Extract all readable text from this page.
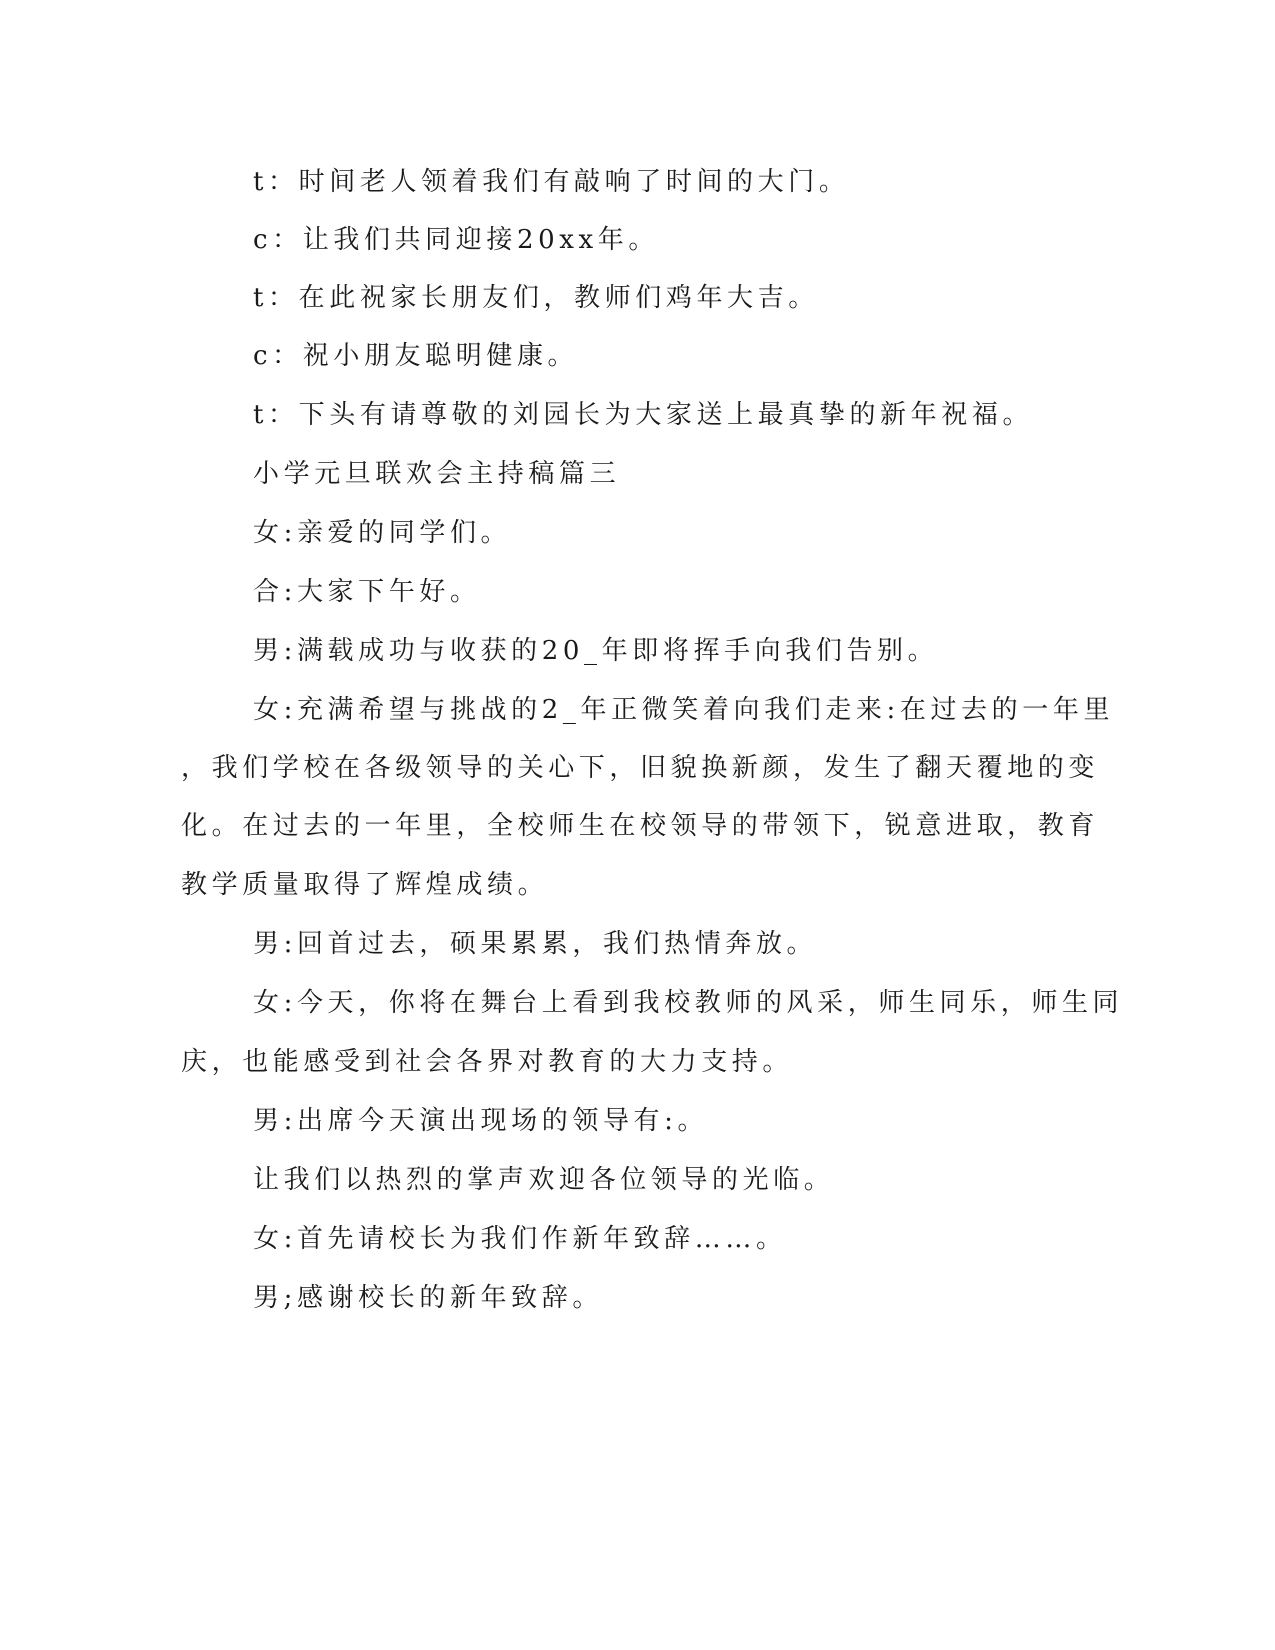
t：时间老人领着我们有敲响了时间的大门。
c：让我们共同迎接20xx年。
t：在此祝家长朋友们，教师们鸡年大吉。
c：祝小朋友聪明健康。
t：下头有请尊敬的刘园长为大家送上最真挚的新年祝福。
小学元旦联欢会主持稿篇三
女:亲爱的同学们。
合:大家下午好。
男:满载成功与收获的20_年即将挥手向我们告别。
女:充满希望与挑战的2_年正微笑着向我们走来:在过去的一年里
，我们学校在各级领导的关心下，旧貌换新颜，发生了翻天覆地的变
化。在过去的一年里，全校师生在校领导的带领下，锐意进取，教育
教学质量取得了辉煌成绩。
男:回首过去，硕果累累，我们热情奔放。
女:今天，你将在舞台上看到我校教师的风采，师生同乐，师生同
庆，也能感受到社会各界对教育的大力支持。
男:出席今天演出现场的领导有:。
让我们以热烈的掌声欢迎各位领导的光临。
女:首先请校长为我们作新年致辞……。
男;感谢校长的新年致辞。
